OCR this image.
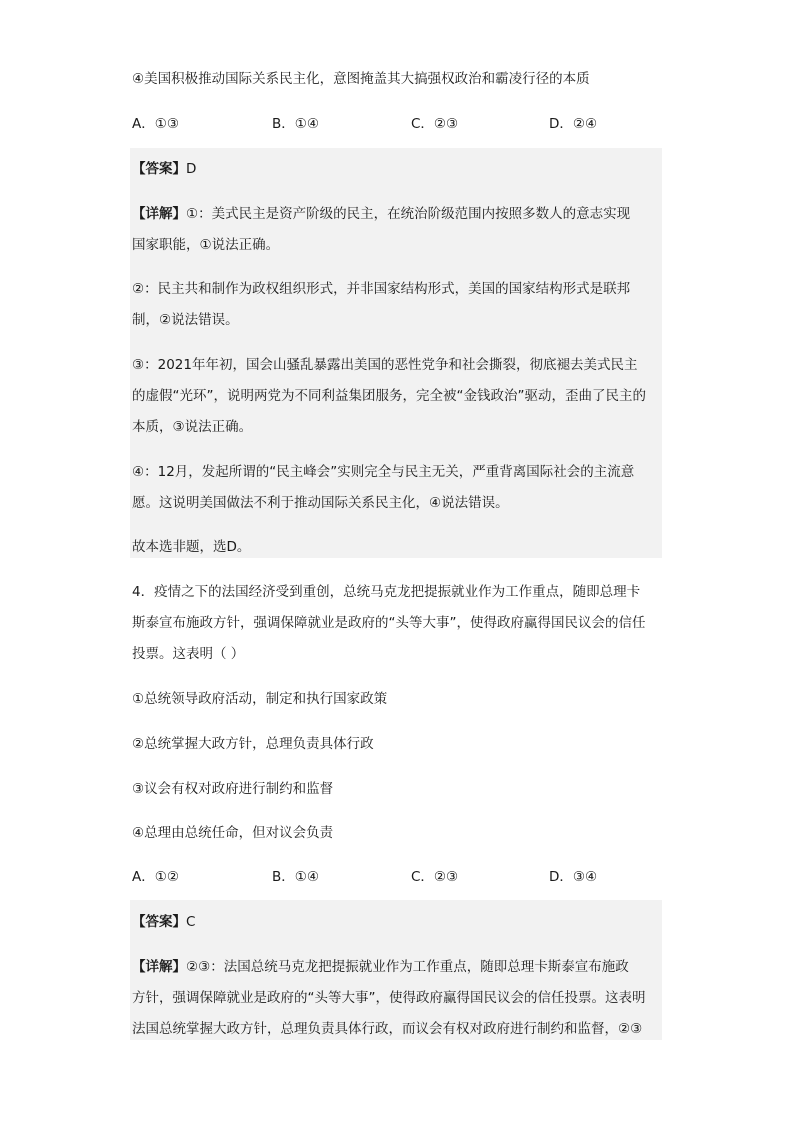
④美国积极推动国际关系民主化，意图掩盖其大搞强权政治和霸凌行径的本质
A．①③	B．①④	C．②③	D．②④
【答案】D
【详解】①：美式民主是资产阶级的民主，在统治阶级范围内按照多数人的意志实现
国家职能，①说法正确。
②：民主共和制作为政权组织形式，并非国家结构形式，美国的国家结构形式是联邦
制，②说法错误。
③：2021年年初，国会山骚乱暴露出美国的恶性党争和社会撕裂，彻底褪去美式民主
的虚假“光环”，说明两党为不同利益集团服务，完全被“金钱政治”驱动，歪曲了民主的
本质，③说法正确。
④：12月，发起所谓的“民主峰会”实则完全与民主无关，严重背离国际社会的主流意
愿。这说明美国做法不利于推动国际关系民主化，④说法错误。
故本选非题，选D。
4．疫情之下的法国经济受到重创，总统马克龙把提振就业作为工作重点，随即总理卡
斯泰宣布施政方针，强调保障就业是政府的“头等大事”，使得政府赢得国民议会的信任
投票。这表明（ ）
①总统领导政府活动，制定和执行国家政策
②总统掌握大政方针，总理负责具体行政
③议会有权对政府进行制约和监督
④总理由总统任命，但对议会负责
A．①②	B．①④	C．②③	D．③④
【答案】C
【详解】②③：法国总统马克龙把提振就业作为工作重点，随即总理卡斯泰宣布施政
方针，强调保障就业是政府的“头等大事”，使得政府赢得国民议会的信任投票。这表明
法国总统掌握大政方针，总理负责具体行政，而议会有权对政府进行制约和监督，②③
